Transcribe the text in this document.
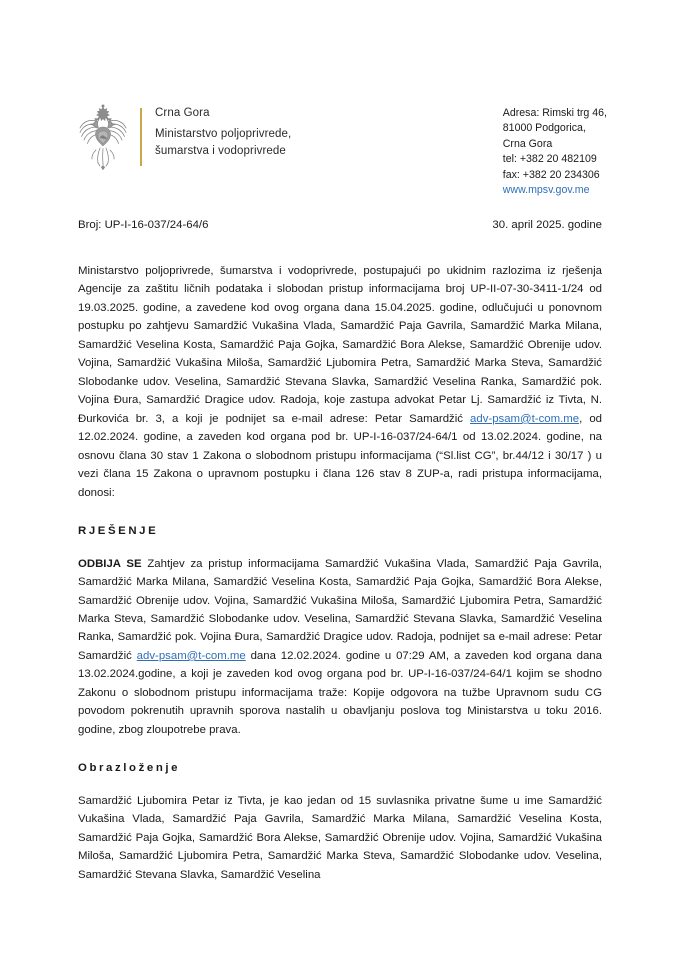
Crna Gora
Ministarstvo poljoprivrede,
šumarstva i vodoprivrede
Adresa: Rimski trg 46,
81000 Podgorica,
Crna Gora
tel: +382 20 482109
fax: +382 20 234306
www.mpsv.gov.me
Broj: UP-I-16-037/24-64/6	30. april 2025. godine

Ministarstvo poljoprivrede, šumarstva i vodoprivrede, postupajući po ukidnim razlozima iz rješenja Agencije za zaštitu ličnih podataka i slobodan pristup informacijama broj UP-II-07-30-3411-1/24 od 19.03.2025. godine, a zavedene kod ovog organa dana 15.04.2025. godine, odlučujući u ponovnom postupku po zahtjevu Samardžić Vukašina Vlada, Samardžić Paja Gavrila, Samardžić Marka Milana, Samardžić Veselina Kosta, Samardžić Paja Gojka, Samardžić Bora Alekse, Samardžić Obrenije udov. Vojina, Samardžić Vukašina Miloša, Samardžić Ljubomira Petra, Samardžić Marka Steva, Samardžić Slobodanke udov. Veselina, Samardžić Stevana Slavka, Samardžić Veselina Ranka, Samardžić pok. Vojina Đura, Samardžić Dragice udov. Radoja, koje zastupa advokat Petar Lj. Samardžić iz Tivta, N. Đurkovića br. 3, a koji je podnijet sa e-mail adrese: Petar Samardžić adv-psam@t-com.me, od 12.02.2024. godine, a zaveden kod organa pod br. UP-I-16-037/24-64/1 od 13.02.2024. godine, na osnovu člana 30 stav 1 Zakona o slobodnom pristupu informacijama (“Sl.list CG”, br.44/12 i 30/17 ) u vezi člana 15 Zakona o upravnom postupku i člana 126 stav 8 ZUP-a, radi pristupa informacijama, donosi:

RJEŠENJE

ODBIJA SE Zahtjev za pristup informacijama Samardžić Vukašina Vlada, Samardžić Paja Gavrila, Samardžić Marka Milana, Samardžić Veselina Kosta, Samardžić Paja Gojka, Samardžić Bora Alekse, Samardžić Obrenije udov. Vojina, Samardžić Vukašina Miloša, Samardžić Ljubomira Petra, Samardžić Marka Steva, Samardžić Slobodanke udov. Veselina, Samardžić Stevana Slavka, Samardžić Veselina Ranka, Samardžić pok. Vojina Đura, Samardžić Dragice udov. Radoja, podnijet sa e-mail adrese: Petar Samardžić adv-psam@t-com.me dana 12.02.2024. godine u 07:29 AM, a zaveden kod organa dana 13.02.2024.godine, a koji je zaveden kod ovog organa pod br. UP-I-16-037/24-64/1 kojim se shodno Zakonu o slobodnom pristupu informacijama traže: Kopije odgovora na tužbe Upravnom sudu CG povodom pokrenutih upravnih sporova nastalih u obavljanju poslova tog Ministarstva u toku 2016. godine, zbog zloupotrebe prava.

Obrazloženje

Samardžić Ljubomira Petar iz Tivta, je kao jedan od 15 suvlasnika privatne šume u ime Samardžić Vukašina Vlada, Samardžić Paja Gavrila, Samardžić Marka Milana, Samardžić Veselina Kosta, Samardžić Paja Gojka, Samardžić Bora Alekse, Samardžić Obrenije udov. Vojina, Samardžić Vukašina Miloša, Samardžić Ljubomira Petra, Samardžić Marka Steva, Samardžić Slobodanke udov. Veselina, Samardžić Stevana Slavka, Samardžić Veselina
